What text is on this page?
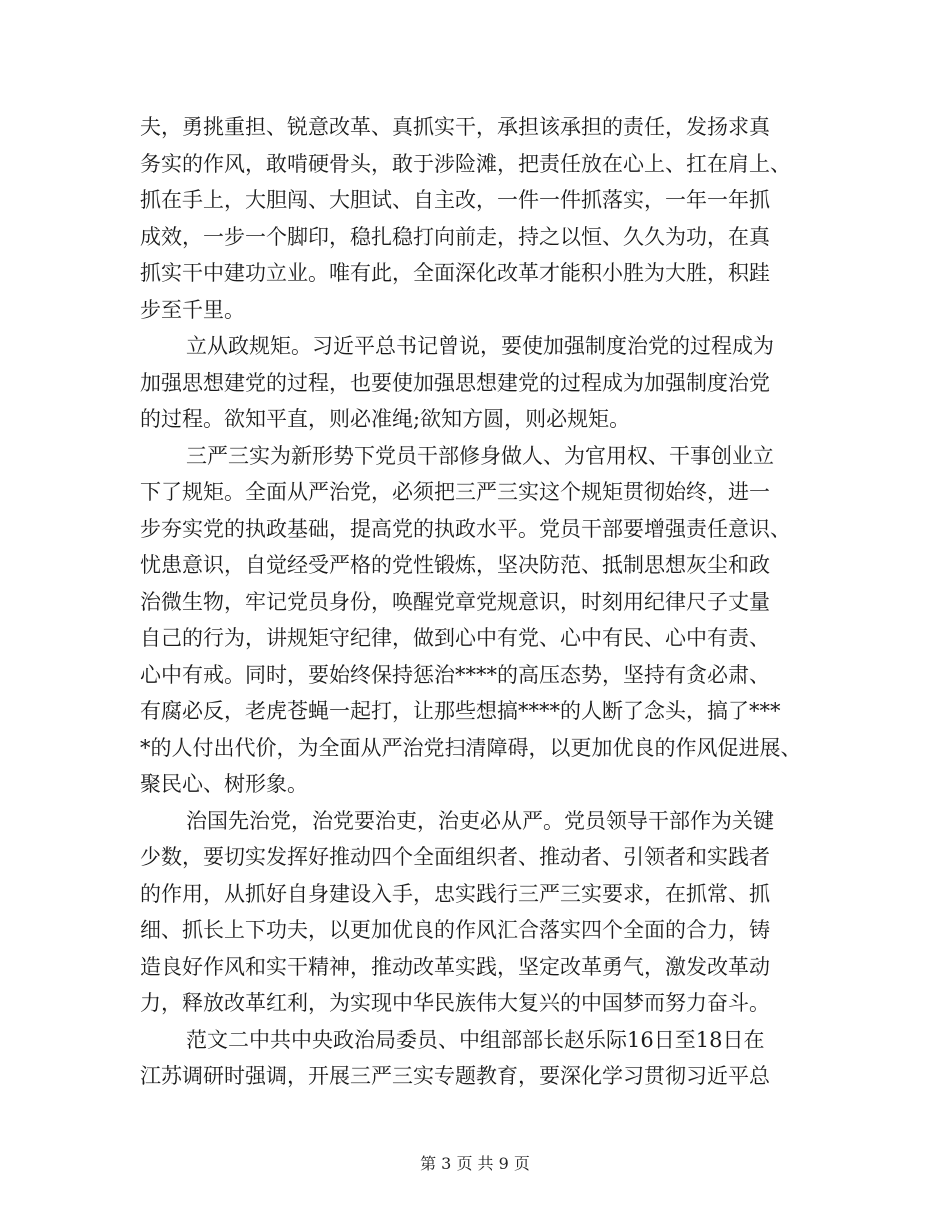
夫，勇挑重担、锐意改革、真抓实干，承担该承担的责任，发扬求真
务实的作风，敢啃硬骨头，敢于涉险滩，把责任放在心上、扛在肩上、
抓在手上，大胆闯、大胆试、自主改，一件一件抓落实，一年一年抓
成效，一步一个脚印，稳扎稳打向前走，持之以恒、久久为功，在真
抓实干中建功立业。唯有此，全面深化改革才能积小胜为大胜，积跬
步至千里。
立从政规矩。习近平总书记曾说，要使加强制度治党的过程成为
加强思想建党的过程，也要使加强思想建党的过程成为加强制度治党
的过程。欲知平直，则必准绳;欲知方圆，则必规矩。
三严三实为新形势下党员干部修身做人、为官用权、干事创业立
下了规矩。全面从严治党，必须把三严三实这个规矩贯彻始终，进一
步夯实党的执政基础，提高党的执政水平。党员干部要增强责任意识、
忧患意识，自觉经受严格的党性锻炼，坚决防范、抵制思想灰尘和政
治微生物，牢记党员身份，唤醒党章党规意识，时刻用纪律尺子丈量
自己的行为，讲规矩守纪律，做到心中有党、心中有民、心中有责、
心中有戒。同时，要始终保持惩治****的高压态势，坚持有贪必肃、
有腐必反，老虎苍蝇一起打，让那些想搞****的人断了念头，搞了***
*的人付出代价，为全面从严治党扫清障碍，以更加优良的作风促进展、
聚民心、树形象。
治国先治党，治党要治吏，治吏必从严。党员领导干部作为关键
少数，要切实发挥好推动四个全面组织者、推动者、引领者和实践者
的作用，从抓好自身建设入手，忠实践行三严三实要求，在抓常、抓
细、抓长上下功夫，以更加优良的作风汇合落实四个全面的合力，铸
造良好作风和实干精神，推动改革实践，坚定改革勇气，激发改革动
力，释放改革红利，为实现中华民族伟大复兴的中国梦而努力奋斗。
范文二中共中央政治局委员、中组部部长赵乐际16日至18日在
江苏调研时强调，开展三严三实专题教育，要深化学习贯彻习近平总
第 3 页 共 9 页
